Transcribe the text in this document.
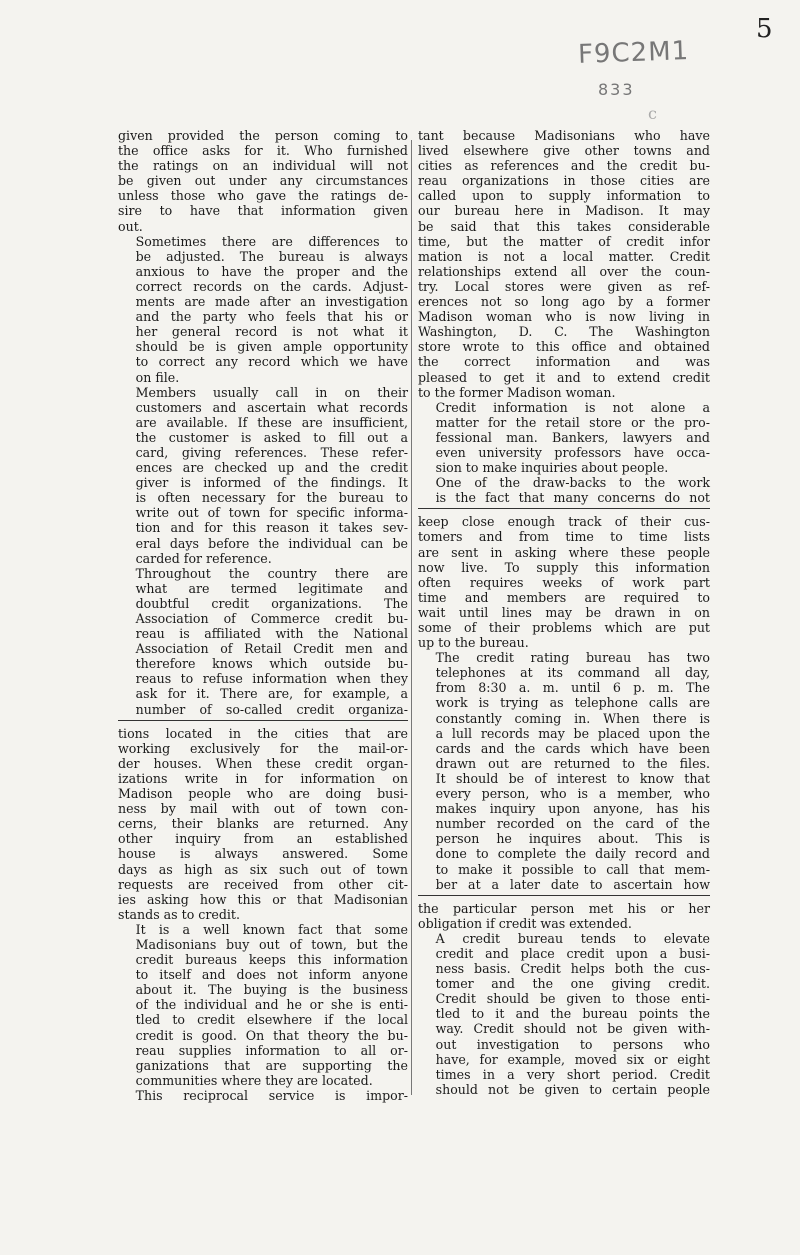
5
F9C2M1
833
c

given provided the person coming to
the office asks for it. Who furnished
the ratings on an individual will not
be given out under any circumstances
unless those who gave the ratings de-
sire to have that information given
out.

Sometimes there are differences to
be adjusted. The bureau is always
anxious to have the proper and the
correct records on the cards. Adjust-
ments are made after an investigation
and the party who feels that his or
her general record is not what it
should be is given ample opportunity
to correct any record which we have
on file.

Members usually call in on their
customers and ascertain what records
are available. If these are insufficient,
the customer is asked to fill out a
card, giving references. These refer-
ences are checked up and the credit
giver is informed of the findings. It
is often necessary for the bureau to
write out of town for specific informa-
tion and for this reason it takes sev-
eral days before the individual can be
carded for reference.

Throughout the country there are
what are termed legitimate and
doubtful credit organizations. The
Association of Commerce credit bu-
reau is affiliated with the National
Association of Retail Credit men and
therefore knows which outside bu-
reaus to refuse information when they
ask for it. There are, for example, a
number of so-called credit organiza-

tions located in the cities that are
working exclusively for the mail-or-
der houses. When these credit organ-
izations write in for information on
Madison people who are doing busi-
ness by mail with out of town con-
cerns, their blanks are returned. Any
other inquiry from an established
house is always answered. Some
days as high as six such out of town
requests are received from other cit-
ies asking how this or that Madisonian
stands as to credit.

It is a well known fact that some
Madisonians buy out of town, but the
credit bureaus keeps this information
to itself and does not inform anyone
about it. The buying is the business
of the individual and he or she is enti-
tled to credit elsewhere if the local
credit is good. On that theory the bu-
reau supplies information to all or-
ganizations that are supporting the
communities where they are located.

This reciprocal service is impor-

tant because Madisonians who have
lived elsewhere give other towns and
cities as references and the credit bu-
reau organizations in those cities are
called upon to supply information to
our bureau here in Madison. It may
be said that this takes considerable
time, but the matter of credit infor
mation is not a local matter. Credit
relationships extend all over the coun-
try. Local stores were given as ref-
erences not so long ago by a former
Madison woman who is now living in
Washington, D. C. The Washington
store wrote to this office and obtained
the correct information and was
pleased to get it and to extend credit
to the former Madison woman.

Credit information is not alone a
matter for the retail store or the pro-
fessional man. Bankers, lawyers and
even university professors have occa-
sion to make inquiries about people.

One of the draw-backs to the work
is the fact that many concerns do not

keep close enough track of their cus-
tomers and from time to time lists
are sent in asking where these people
now live. To supply this information
often requires weeks of work part
time and members are required to
wait until lines may be drawn in on
some of their problems which are put
up to the bureau.

The credit rating bureau has two
telephones at its command all day,
from 8:30 a. m. until 6 p. m. The
work is trying as telephone calls are
constantly coming in. When there is
a lull records may be placed upon the
cards and the cards which have been
drawn out are returned to the files.
It should be of interest to know that
every person, who is a member, who
makes inquiry upon anyone, has his
number recorded on the card of the
person he inquires about. This is
done to complete the daily record and
to make it possible to call that mem-
ber at a later date to ascertain how

the particular person met his or her
obligation if credit was extended.

A credit bureau tends to elevate
credit and place credit upon a busi-
ness basis. Credit helps both the cus-
tomer and the one giving credit.
Credit should be given to those enti-
tled to it and the bureau points the
way. Credit should not be given with-
out investigation to persons who
have, for example, moved six or eight
times in a very short period. Credit
should not be given to certain people
